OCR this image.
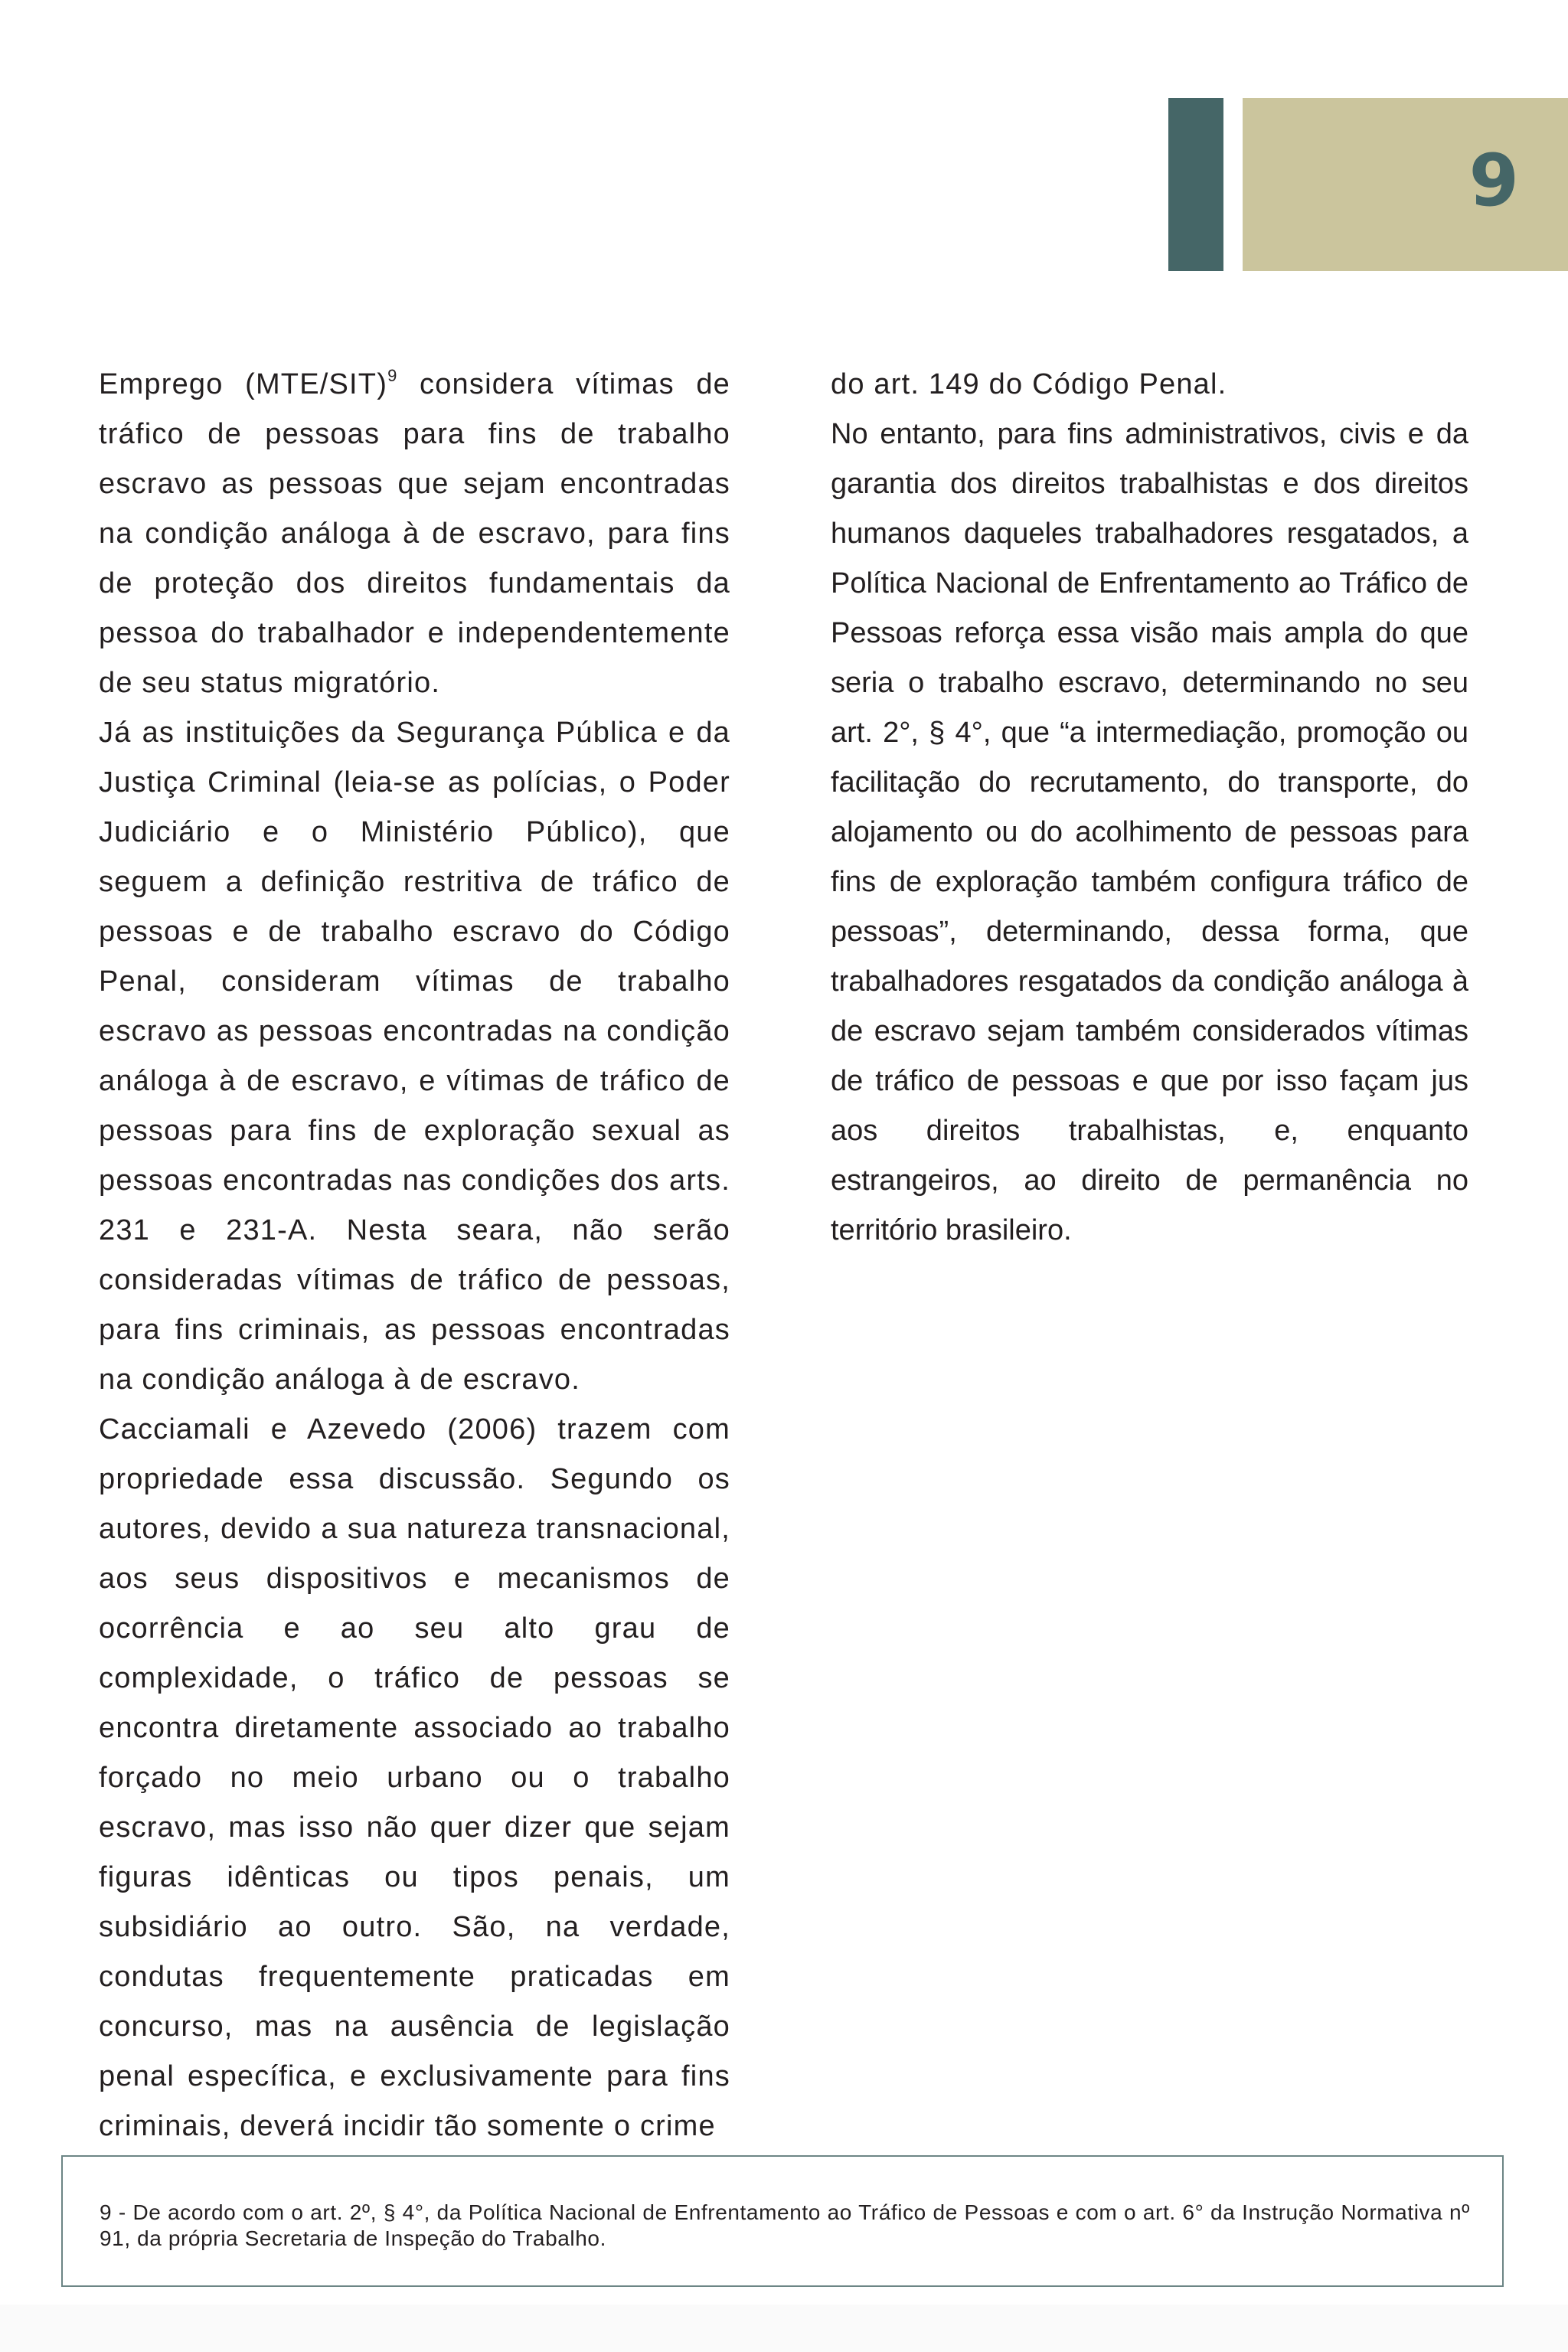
9

Emprego $(MTE/SIT)^9$ considera vítimas de tráfico de pessoas para fins de trabalho escravo as pessoas que sejam encontradas na condição análoga à de escravo, para fins de proteção dos direitos fundamentais da pessoa do trabalhador e independentemente de seu status migratório.

Já as instituições da Segurança Pública e da Justiça Criminal (leia-se as polícias, o Poder Judiciário e o Ministério Público), que seguem a definição restritiva de tráfico de pessoas e de trabalho escravo do Código Penal, consideram vítimas de trabalho escravo as pessoas encontradas na condição análoga à de escravo, e vítimas de tráfico de pessoas para fins de exploração sexual as pessoas encontradas nas condições dos arts. 231 e 231-A. Nesta seara, não serão consideradas vítimas de tráfico de pessoas, para fins criminais, as pessoas encontradas na condição análoga à de escravo.

Cacciamali e Azevedo (2006) trazem com propriedade essa discussão. Segundo os autores, devido a sua natureza transnacional, aos seus dispositivos e mecanismos de ocorrência e ao seu alto grau de complexidade, o tráfico de pessoas se encontra diretamente associado ao trabalho forçado no meio urbano ou o trabalho escravo, mas isso não quer dizer que sejam figuras idênticas ou tipos penais, um subsidiário ao outro. São, na verdade, condutas frequentemente praticadas em concurso, mas na ausência de legislação penal específica, e exclusivamente para fins criminais, deverá incidir tão somente o crime

do art. 149 do Código Penal.

No entanto, para fins administrativos, civis e da garantia dos direitos trabalhistas e dos direitos humanos daqueles trabalhadores resgatados, a Política Nacional de Enfrentamento ao Tráfico de Pessoas reforça essa visão mais ampla do que seria o trabalho escravo, determinando no seu art. 2°, § 4°, que “a intermediação, promoção ou facilitação do recrutamento, do transporte, do alojamento ou do acolhimento de pessoas para fins de exploração também configura tráfico de pessoas”, determinando, dessa forma, que trabalhadores resgatados da condição análoga à de escravo sejam também considerados vítimas de tráfico de pessoas e que por isso façam jus aos direitos trabalhistas, e, enquanto estrangeiros, ao direito de permanência no território brasileiro.

9 - De acordo com o art. 2º, § 4°, da Política Nacional de Enfrentamento ao Tráfico de Pessoas e com o art. 6° da Instrução Normativa nº 91, da própria Secretaria de Inspeção do Trabalho.
